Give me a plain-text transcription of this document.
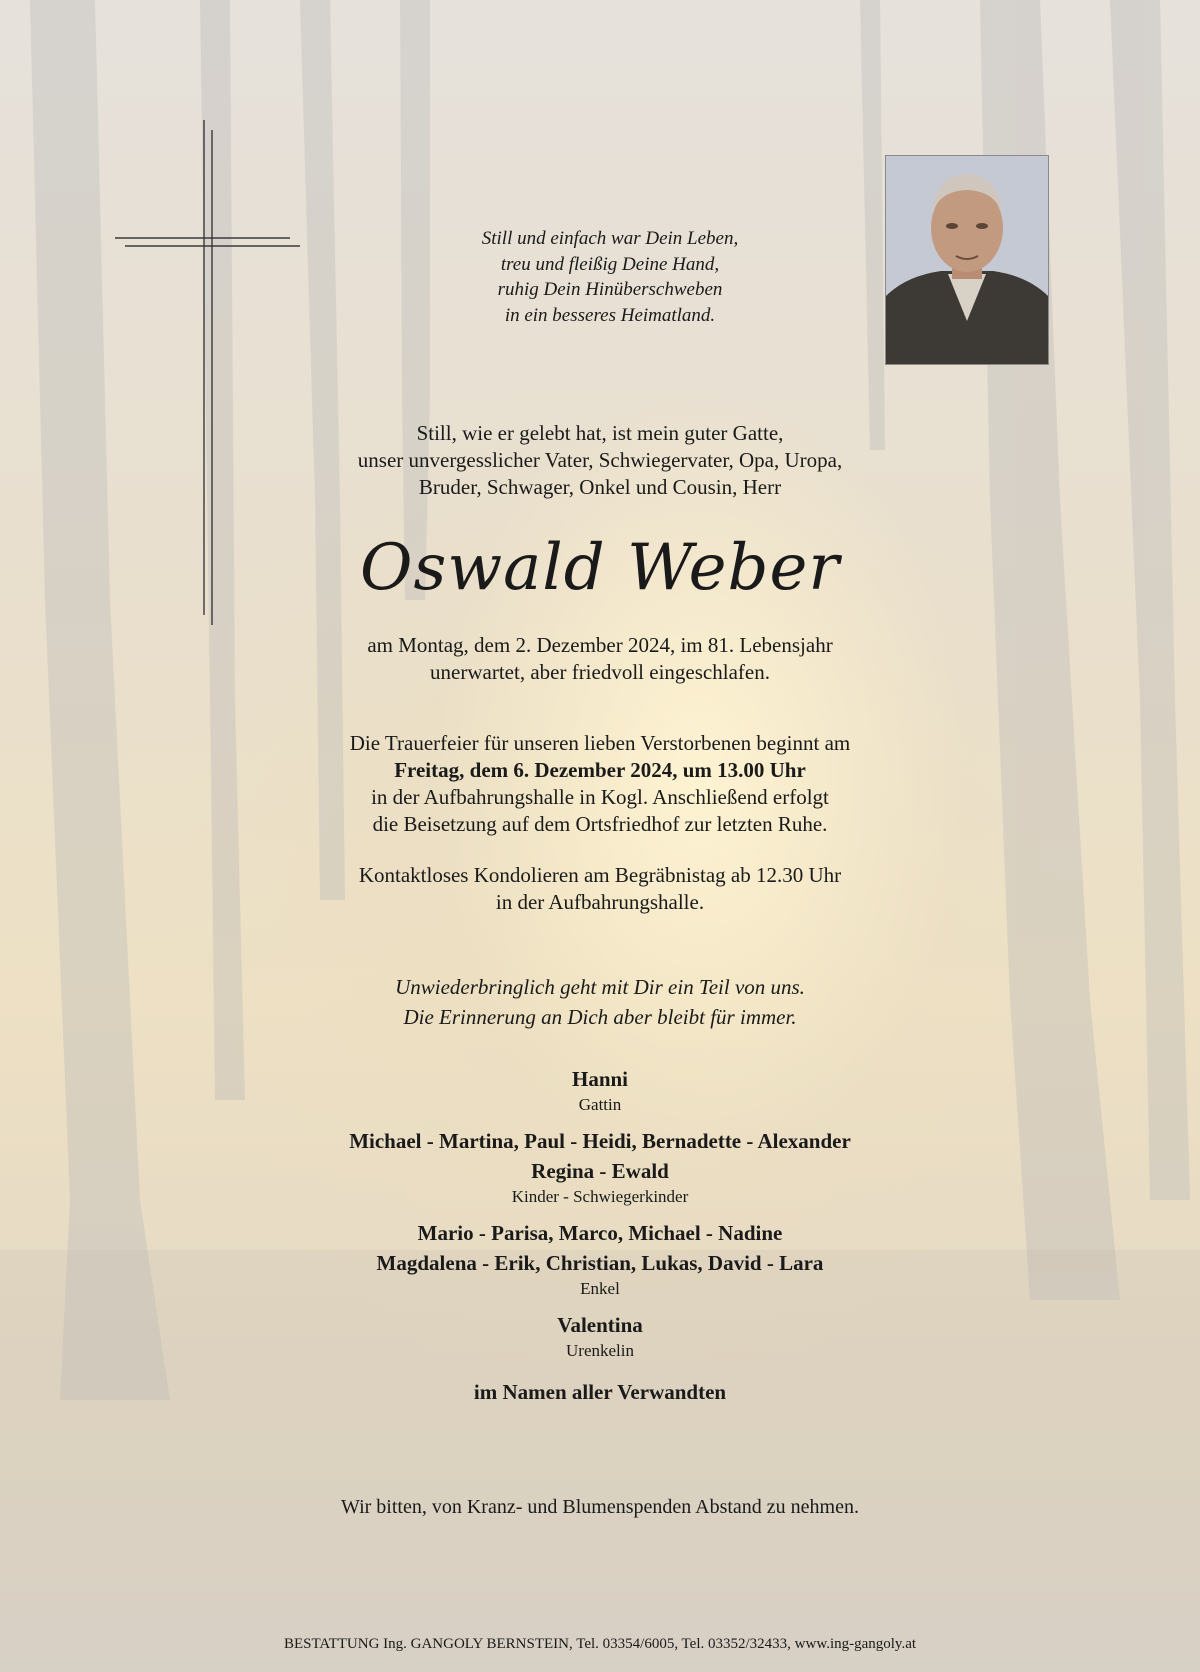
Still und einfach war Dein Leben,
treu und fleißig Deine Hand,
ruhig Dein Hinüberschweben
in ein besseres Heimatland.
Still, wie er gelebt hat, ist mein guter Gatte,
unser unvergesslicher Vater, Schwiegervater, Opa, Uropa,
Bruder, Schwager, Onkel und Cousin, Herr
Oswald Weber
am Montag, dem 2. Dezember 2024, im 81. Lebensjahr
unerwartet, aber friedvoll eingeschlafen.
Die Trauerfeier für unseren lieben Verstorbenen beginnt am
Freitag, dem 6. Dezember 2024, um 13.00 Uhr
in der Aufbahrungshalle in Kogl. Anschließend erfolgt
die Beisetzung auf dem Ortsfriedhof zur letzten Ruhe.
Kontaktloses Kondolieren am Begräbnistag ab 12.30 Uhr
in der Aufbahrungshalle.
Unwiederbringlich geht mit Dir ein Teil von uns.
Die Erinnerung an Dich aber bleibt für immer.
Hanni
Gattin
Michael - Martina, Paul - Heidi, Bernadette - Alexander
Regina - Ewald
Kinder - Schwiegerkinder
Mario - Parisa, Marco, Michael - Nadine
Magdalena - Erik, Christian, Lukas, David - Lara
Enkel
Valentina
Urenkelin
im Namen aller Verwandten
Wir bitten, von Kranz- und Blumenspenden Abstand zu nehmen.
BESTATTUNG Ing. GANGOLY BERNSTEIN, Tel. 03354/6005, Tel. 03352/32433, www.ing-gangoly.at
